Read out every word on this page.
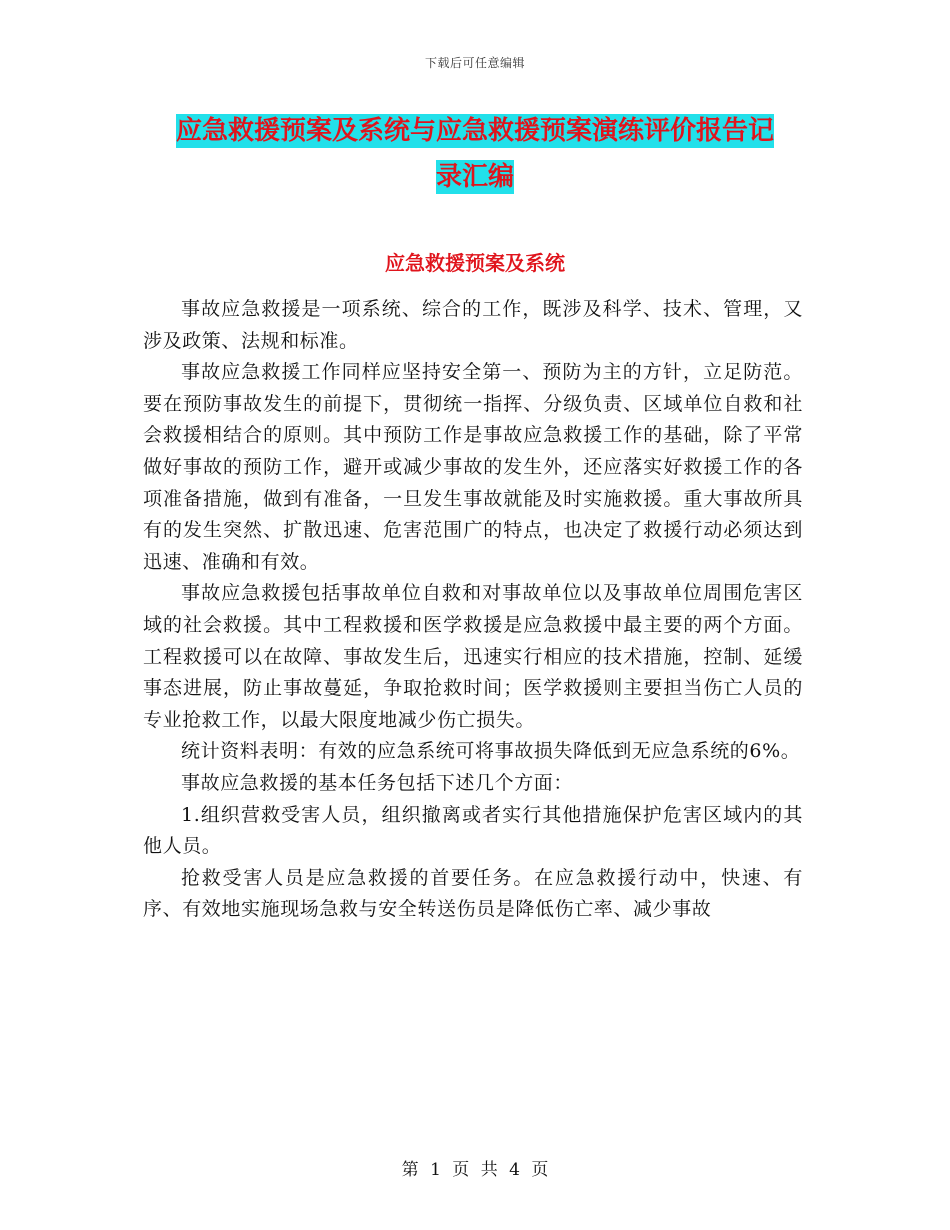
下载后可任意编辑
应急救援预案及系统与应急救援预案演练评价报告记
录汇编
应急救援预案及系统

事故应急救援是一项系统、综合的工作，既涉及科学、技术、管理，又涉及政策、法规和标准。

事故应急救援工作同样应坚持安全第一、预防为主的方针，立足防范。要在预防事故发生的前提下，贯彻统一指挥、分级负责、区域单位自救和社会救援相结合的原则。其中预防工作是事故应急救援工作的基础，除了平常做好事故的预防工作，避开或减少事故的发生外，还应落实好救援工作的各项准备措施，做到有准备，一旦发生事故就能及时实施救援。重大事故所具有的发生突然、扩散迅速、危害范围广的特点，也决定了救援行动必须达到迅速、准确和有效。

事故应急救援包括事故单位自救和对事故单位以及事故单位周围危害区域的社会救援。其中工程救援和医学救援是应急救援中最主要的两个方面。工程救援可以在故障、事故发生后，迅速实行相应的技术措施，控制、延缓事态进展，防止事故蔓延，争取抢救时间；医学救援则主要担当伤亡人员的专业抢救工作，以最大限度地减少伤亡损失。

统计资料表明：有效的应急系统可将事故损失降低到无应急系统的6%。

事故应急救援的基本任务包括下述几个方面：

1.组织营救受害人员，组织撤离或者实行其他措施保护危害区域内的其他人员。

抢救受害人员是应急救援的首要任务。在应急救援行动中，快速、有序、有效地实施现场急救与安全转送伤员是降低伤亡率、减少事故

第 1 页 共 4 页
